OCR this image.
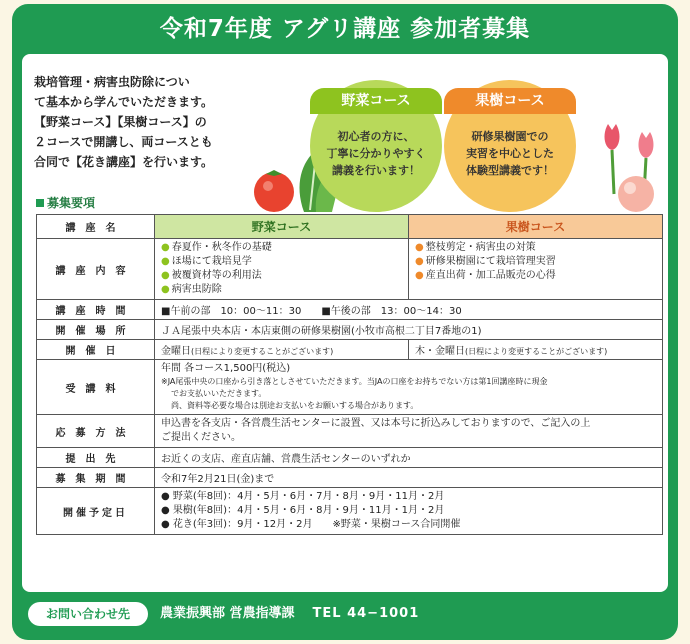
令和7年度 アグリ講座 参加者募集
栽培管理・病害虫防除につい
て基本から学んでいただきます。
【野菜コース】【果樹コース】の
２コースで開講し、両コースとも
合同で【花き講座】を行います。
野菜コース
初心者の方に、
丁寧に分かりやすく
講義を行います！
果樹コース
研修果樹園での
実習を中心とした
体験型講義です！
募集要項
講座名	野菜コース	果樹コース
講座内容	● 春夏作・秋冬作の基礎
● ほ場にて栽培見学
● 被覆資材等の利用法
● 病害虫防除	● 整枝剪定・病害虫の対策
● 研修果樹園にて栽培管理実習
● 産直出荷・加工品販売の心得

講座時間	■午前の部　10：00～11：30　　■午後の部　13：00～14：30	
開催場所	ＪＡ尾張中央本店・本店東側の研修果樹園(小牧市高根二丁目7番地の1)	
開催日	金曜日(日程により変更することがございます)	木・金曜日(日程により変更することがございます)
受講料	年間 各コース1,500円(税込)
※JA尾張中央の口座から引き落としさせていただきます。当JAの口座をお持ちでない方は第1回講座時に現金
でお支払いいただきます。
尚、資料等必要な場合は別途お支払いをお願いする場合があります。	

応募方法	申込書を各支店・各営農生活センターに設置、又は本号に折込みしておりますので、ご記入の上
ご提出ください。	

提出先	お近くの支店、産直店舗、営農生活センターのいずれか	
募集期間	令和7年2月21日(金)まで	
開催予定日	● 野菜(年8回)：4月・5月・6月・7月・8月・9月・11月・2月
● 果樹(年8回)：4月・5月・6月・8月・9月・11月・1月・2月
● 花き(年3回)：9月・12月・2月　　※野菜・果樹コース合同開催	
お問い合わせ先	農業振興部 営農指導課 TEL 44−1001
